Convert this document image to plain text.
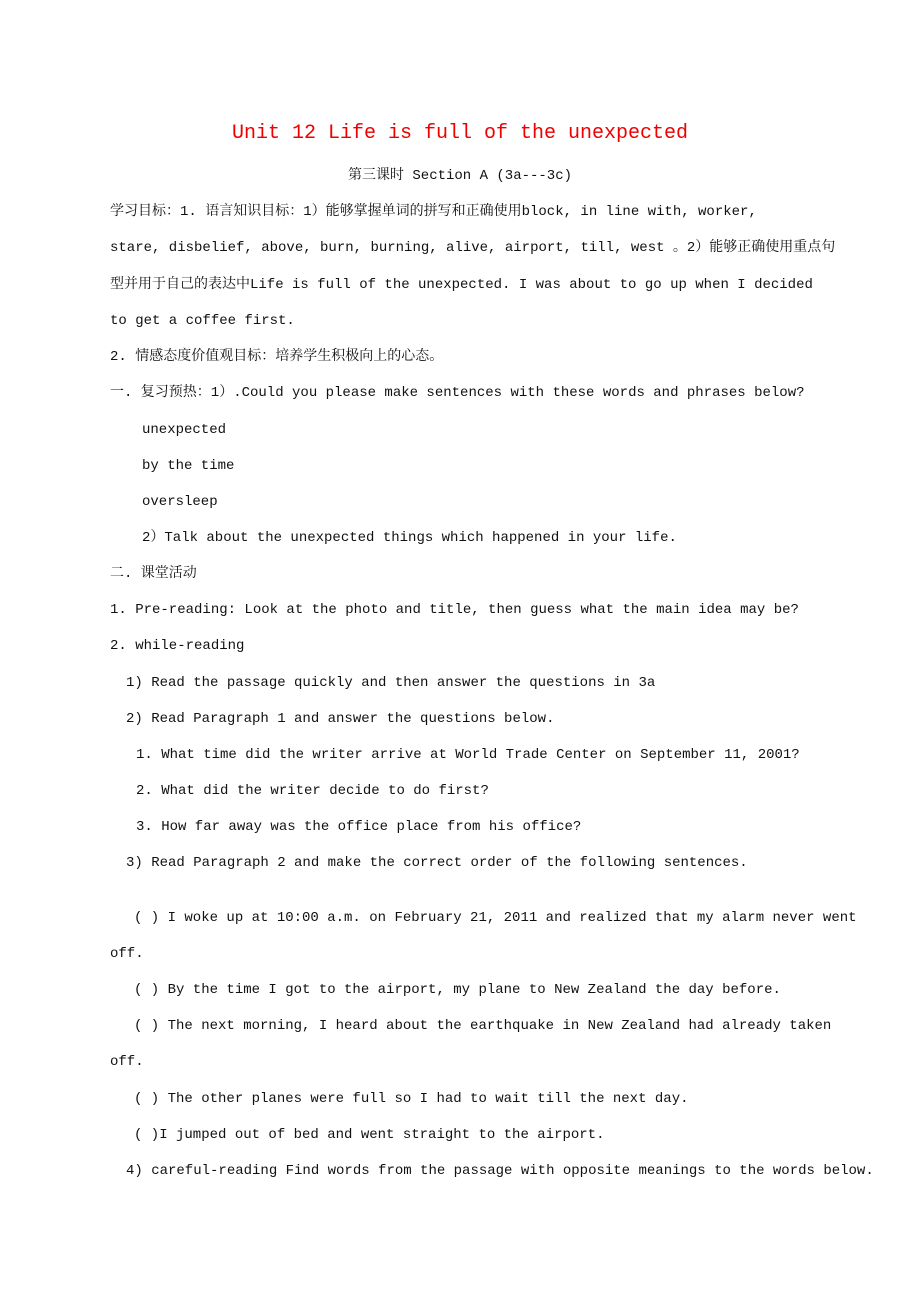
Unit 12 Life is full of the unexpected
第三课时 Section A (3a---3c)
学习目标：1. 语言知识目标：1）能够掌握单词的拼写和正确使用block, in line with, worker,
stare, disbelief, above, burn, burning, alive, airport, till, west 。2）能够正确使用重点句
型并用于自己的表达中Life is full of the unexpected. I was about to go up when I decided
to get a coffee first.
2. 情感态度价值观目标：培养学生积极向上的心态。
一. 复习预热：1）.Could you please make sentences with these words and phrases below?
unexpected
by the time
oversleep
2）Talk about the unexpected things which happened in your life.
二. 课堂活动
1. Pre-reading: Look at the photo and title, then guess what the main idea may be?
2. while-reading
1) Read the passage quickly and then answer the questions in 3a
2) Read Paragraph 1 and answer the questions below.
1. What time did the writer arrive at World Trade Center on September 11, 2001?
2. What did the writer decide to do first?
3. How far away was the office place from his office?
3) Read Paragraph 2 and make the correct order of the following sentences.
( ) I woke up at 10:00 a.m. on February 21, 2011 and realized that my alarm never went
off.
( ) By the time I got to the airport, my plane to New Zealand the day before.
( ) The next morning, I heard about the earthquake in New Zealand had already taken
off.
( ) The other planes were full so I had to wait till the next day.
( )I jumped out of bed and went straight to the airport.
4) careful-reading Find words from the passage with opposite meanings to the words below.
